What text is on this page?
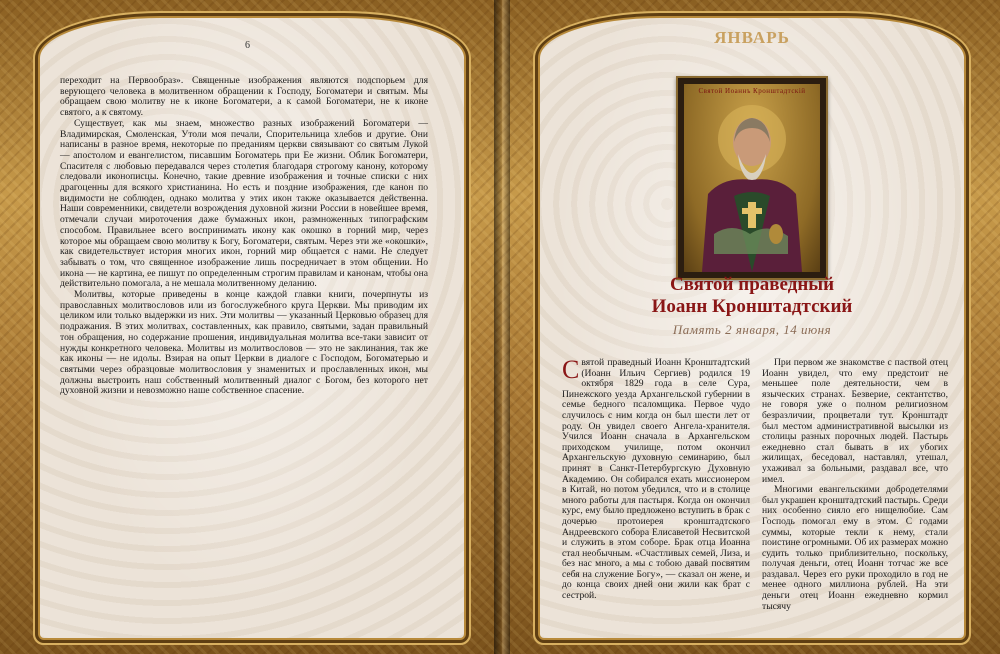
6

переходит на Первообраз». Священные изображения являются подспорьем для верующего человека в молитвенном обращении к Господу, Богоматери и святым. Мы обращаем свою молитву не к иконе Богоматери, а к самой Богоматери, не к иконе святого, а к святому.

Существует, как мы знаем, множество разных изображений Богоматери — Владимирская, Смоленская, Утоли моя печали, Спорительница хлебов и другие. Они написаны в разное время, некоторые по преданиям церкви связывают со святым Лукой — апостолом и евангелистом, писавшим Богоматерь при Ее жизни. Облик Богоматери, Спасителя с любовью передавался через столетия благодаря строгому канону, которому следовали иконописцы. Конечно, такие древние изображения и точные списки с них драгоценны для всякого христианина. Но есть и поздние изображения, где канон по видимости не соблюден, однако молитва у этих икон также оказывается действенна. Наши современники, свидетели возрождения духовной жизни России в новейшее время, отмечали случаи мироточения даже бумажных икон, размноженных типографским способом. Правильнее всего воспринимать икону как окошко в горний мир, через которое мы обращаем свою молитву к Богу, Богоматери, святым. Через эти же «окошки», как свидетельствует история многих икон, горний мир общается с нами. Не следует забывать о том, что священное изображение лишь посредничает в этом общении. Но икона — не картина, ее пишут по определенным строгим правилам и канонам, чтобы она действительно помогала, а не мешала молитвенному деланию.

Молитвы, которые приведены в конце каждой главки книги, почерпнуты из православных молитвословов или из богослужебного круга Церкви. Мы приводим их целиком или только выдержки из них. Эти молитвы — указанный Церковью образец для подражания. В этих молитвах, составленных, как правило, святыми, задан правильный тон обращения, но содержание прошения, индивидуальная молитва все-таки зависит от нужды конкретного человека. Молитвы из молитвословов — это не заклинания, так же как иконы — не идолы. Взирая на опыт Церкви в диалоге с Господом, Богоматерью и святыми через образцовые молитвословия у знаменитых и прославленных икон, мы должны выстроить наш собственный молитвенный диалог с Богом, без которого нет духовной жизни и невозможно наше собственное спасение.

ЯНВАРЬ
Святой Иоаннъ Кронштадтскій
Святой праведный
Иоанн Кронштадтский
Память 2 января, 14 июня
С вятой праведный Иоанн Кронштадтский (Иоанн Ильич Сергиев) родился 19 октября 1829 года в селе Сура, Пинежского уезда Архангельской губернии в семье бедного псаломщика. Первое чудо случилось с ним когда он был шести лет от роду. Он увидел своего Ангела-хранителя. Учился Иоанн сначала в Архангельском приходском училище, потом окончил Архангельскую духовную семинарию, был принят в Санкт-Петербургскую Духовную Академию. Он собирался ехать миссионером в Китай, но потом убедился, что и в столице много работы для пастыря. Когда он окончил курс, ему было предложено вступить в брак с дочерью протоиерея кронштадтского Андреевского собора Елисаветой Несвитской и служить в этом соборе. Брак отца Иоанна стал необычным. «Счастливых семей, Лиза, и без нас много, а мы с тобою давай посвятим себя на служение Богу», — сказал он жене, и до конца своих дней они жили как брат с сестрой.

При первом же знакомстве с паствой отец Иоанн увидел, что ему предстоит не меньшее поле деятельности, чем в языческих странах. Безверие, сектантство, не говоря уже о полном религиозном безразличии, процветали тут. Кронштадт был местом административной высылки из столицы разных порочных людей. Пастырь ежедневно стал бывать в их убогих жилищах, беседовал, наставлял, утешал, ухаживал за больными, раздавал все, что имел.

Многими евангельскими добродетелями был украшен кронштадтский пастырь. Среди них особенно сияло его нищелюбие. Сам Господь помогал ему в этом. С годами суммы, которые текли к нему, стали поистине огромными. Об их размерах можно судить только приблизительно, поскольку, получая деньги, отец Иоанн тотчас же все раздавал. Через его руки проходило в год не менее одного миллиона рублей. На эти деньги отец Иоанн ежедневно кормил тысячу
